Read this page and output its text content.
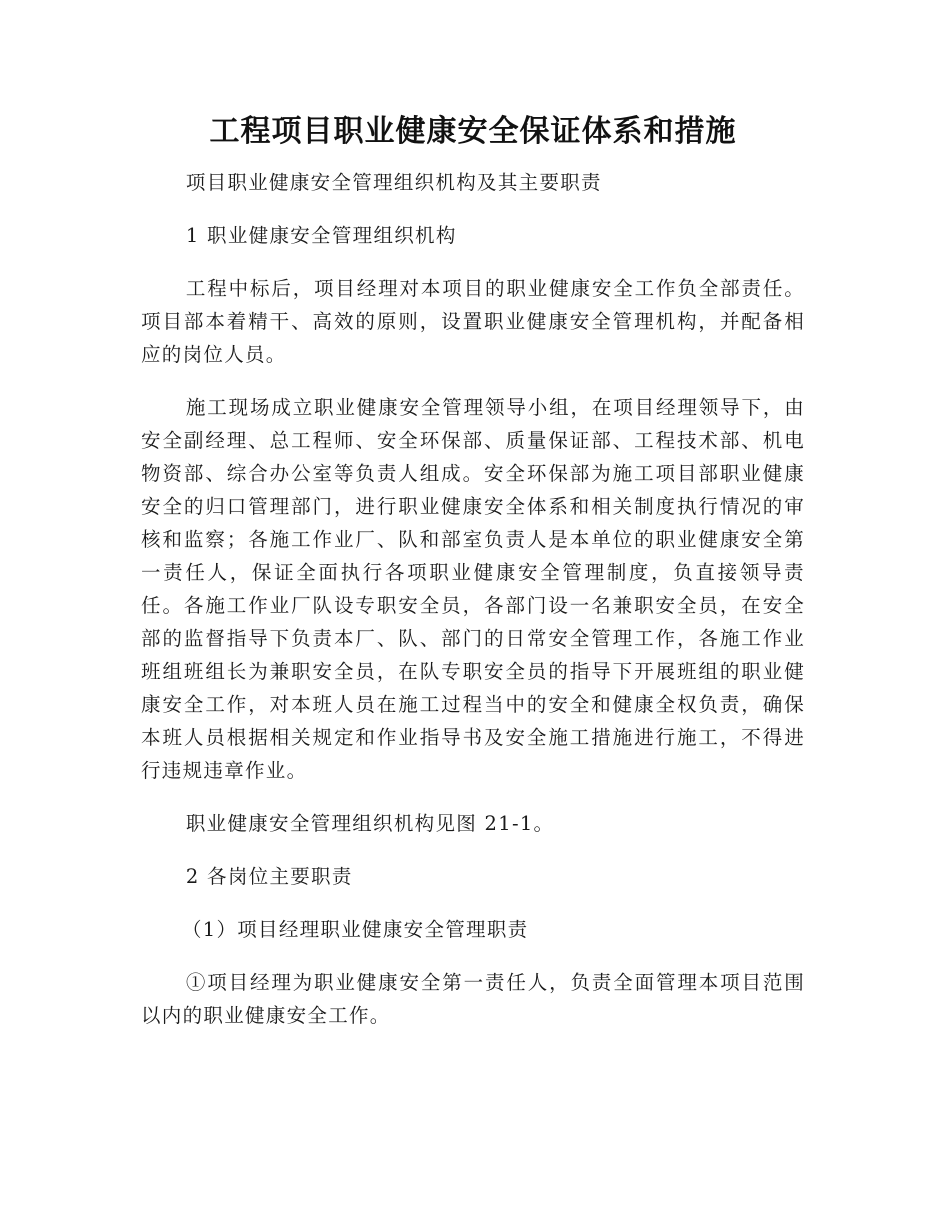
工程项目职业健康安全保证体系和措施

项目职业健康安全管理组织机构及其主要职责

1 职业健康安全管理组织机构

工程中标后，项目经理对本项目的职业健康安全工作负全部责任。项目部本着精干、高效的原则，设置职业健康安全管理机构，并配备相应的岗位人员。

施工现场成立职业健康安全管理领导小组，在项目经理领导下，由安全副经理、总工程师、安全环保部、质量保证部、工程技术部、机电物资部、综合办公室等负责人组成。安全环保部为施工项目部职业健康安全的归口管理部门，进行职业健康安全体系和相关制度执行情况的审核和监察；各施工作业厂、队和部室负责人是本单位的职业健康安全第一责任人，保证全面执行各项职业健康安全管理制度，负直接领导责任。各施工作业厂队设专职安全员，各部门设一名兼职安全员，在安全部的监督指导下负责本厂、队、部门的日常安全管理工作，各施工作业班组班组长为兼职安全员，在队专职安全员的指导下开展班组的职业健康安全工作，对本班人员在施工过程当中的安全和健康全权负责，确保本班人员根据相关规定和作业指导书及安全施工措施进行施工，不得进行违规违章作业。

职业健康安全管理组织机构见图 21-1。

2 各岗位主要职责

（1）项目经理职业健康安全管理职责

①项目经理为职业健康安全第一责任人，负责全面管理本项目范围以内的职业健康安全工作。
